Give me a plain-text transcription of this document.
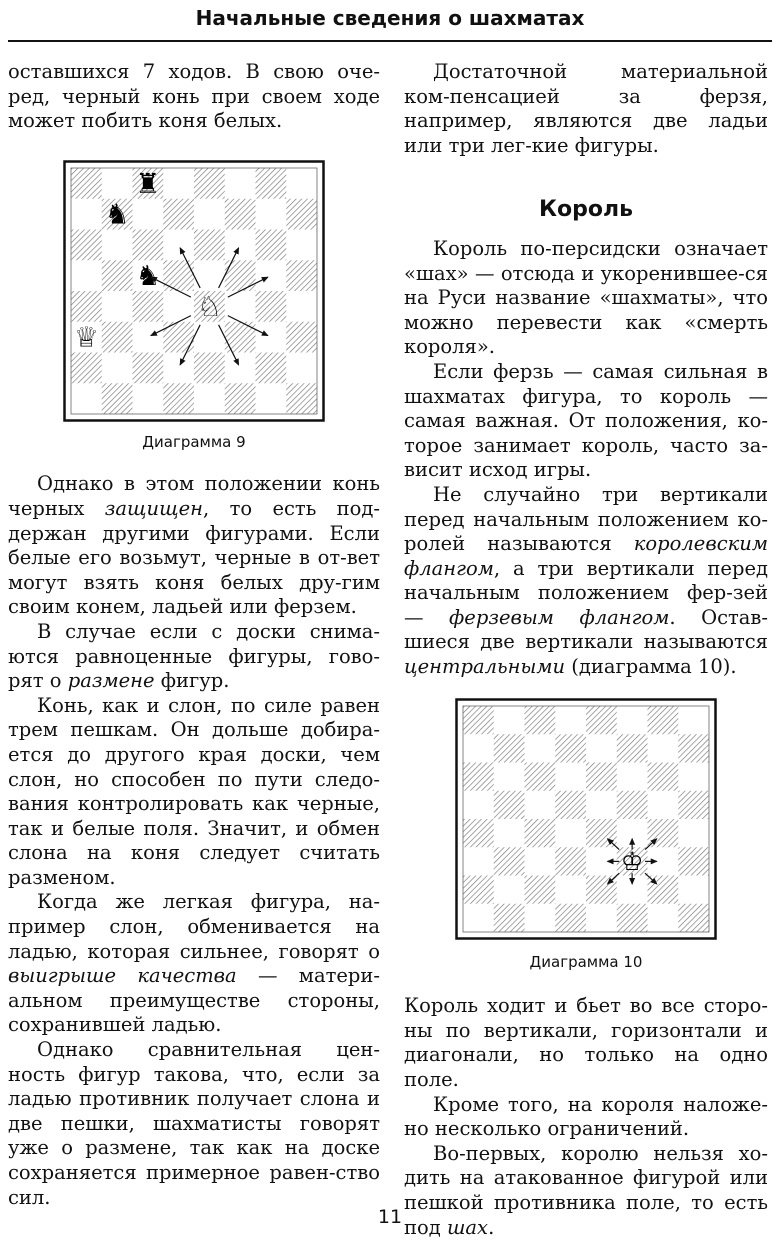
Начальные сведения о шахматах

оставшихся 7 ходов. В свою оче-ред, черный конь при своем ходе может побить коня белых.

♜
♞
♞
♕
♘
Диаграмма 9

Однако в этом положении конь черных защищен, то есть под-держан другими фигурами. Если белые его возьмут, черные в от-вет могут взять коня белых дру-гим своим конем, ладьей или ферзем.

В случае если с доски снима-ются равноценные фигуры, гово-рят о размене фигур.

Конь, как и слон, по силе равен трем пешкам. Он дольше добира-ется до другого края доски, чем слон, но способен по пути следо-вания контролировать как черные, так и белые поля. Значит, и обмен слона на коня следует считать разменом.

Когда же легкая фигура, на-пример слон, обменивается на ладью, которая сильнее, говорят о выигрыше качества — матери-альном преимуществе стороны, сохранившей ладью.

Однако сравнительная цен-ность фигур такова, что, если за ладью противник получает слона и две пешки, шахматисты говорят уже о размене, так как на доске сохраняется примерное равен-ство сил.

Достаточной материальной ком-пенсацией за ферзя, например, являются две ладьи или три лег-кие фигуры.

Король

Король по-персидски означает «шах» — отсюда и укоренившее-ся на Руси название «шахматы», что можно перевести как «смерть короля».

Если ферзь — самая сильная в шахматах фигура, то король — самая важная. От положения, ко-торое занимает король, часто за-висит исход игры.

Не случайно три вертикали перед начальным положением ко-ролей называются королевским флангом, а три вертикали перед начальным положением фер-зей — ферзевым флангом. Остав-шиеся две вертикали называются центральными (диаграмма 10).

♔
Диаграмма 10

Король ходит и бьет во все сторо-ны по вертикали, горизонтали и диагонали, но только на одно поле.

Кроме того, на короля наложе-но несколько ограничений.

Во-первых, королю нельзя хо-дить на атакованное фигурой или пешкой противника поле, то есть под шах.

11
